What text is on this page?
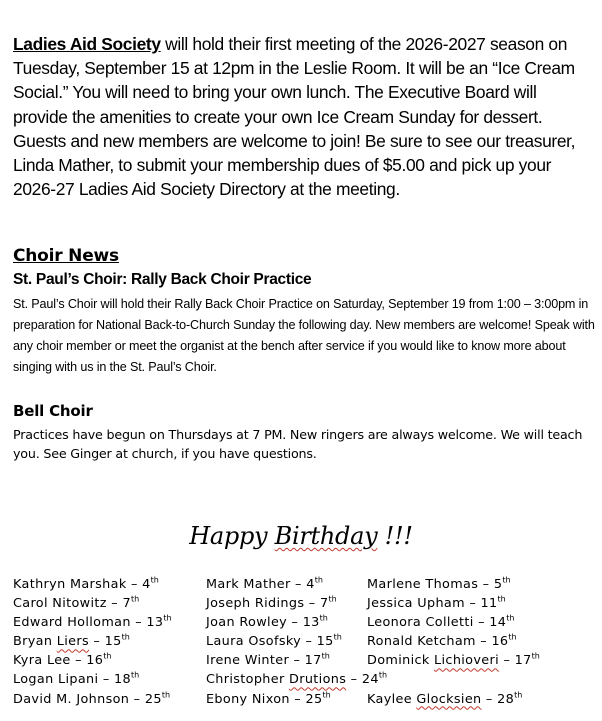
Ladies Aid Society will hold their first meeting of the 2026-2027 season on Tuesday, September 15 at 12pm in the Leslie Room. It will be an “Ice Cream Social.” You will need to bring your own lunch. The Executive Board will provide the amenities to create your own Ice Cream Sunday for dessert. Guests and new members are welcome to join! Be sure to see our treasurer, Linda Mather, to submit your membership dues of $5.00 and pick up your 2026-27 Ladies Aid Society Directory at the meeting.
Choir News
St. Paul’s Choir: Rally Back Choir Practice
St. Paul’s Choir will hold their Rally Back Choir Practice on Saturday, September 19 from 1:00 – 3:00pm in preparation for National Back-to-Church Sunday the following day. New members are welcome! Speak with any choir member or meet the organist at the bench after service if you would like to know more about singing with us in the St. Paul’s Choir.
Bell Choir
Practices have begun on Thursdays at 7 PM. New ringers are always welcome. We will teach you. See Ginger at church, if you have questions.
Happy Birthday !!!
Kathryn Marshak – 4th	Mark Mather – 4th	Marlene Thomas – 5th
Carol Nitowitz – 7th	Joseph Ridings – 7th Jessica Upham – 11th
Edward Holloman – 13th	Joan Rowley – 13th	Leonora Colletti – 14th
Bryan Liers – 15th	Laura Osofsky – 15th Ronald Ketcham – 16th
Kyra Lee – 16th	Irene Winter – 17th	Dominick Lichioveri – 17th
Logan Lipani – 18th	Christopher Drutions – 24th
David M. Johnson – 25th	Ebony Nixon – 25th	Kaylee Glocksien – 28th
